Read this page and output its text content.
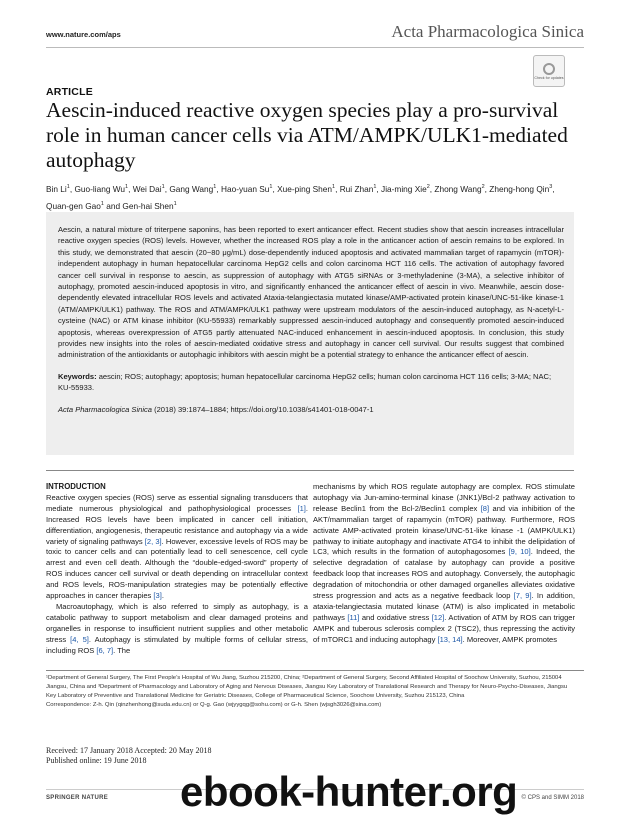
www.nature.com/aps	Acta Pharmacologica Sinica
Check for updates
ARTICLE
Aescin-induced reactive oxygen species play a pro-survival role in human cancer cells via ATM/AMPK/ULK1-mediated autophagy
Bin Li$^1$, Guo-liang Wu$^1$, Wei Dai$^1$, Gang Wang$^1$, Hao-yuan Su$^1$, Xue-ping Shen$^1$, Rui Zhan$^1$, Jia-ming Xie$^2$, Zhong Wang$^2$, Zheng-hong Qin$^3$, Quan-gen Gao$^1$ and Gen-hai Shen$^1$
Aescin, a natural mixture of triterpene saponins, has been reported to exert anticancer effect. Recent studies show that aescin increases intracellular reactive oxygen species (ROS) levels. However, whether the increased ROS play a role in the anticancer action of aescin remains to be explored. In this study, we demonstrated that aescin (20−80 μg/mL) dose-dependently induced apoptosis and activated mammalian target of rapamycin (mTOR)-independent autophagy in human hepatocellular carcinoma HepG2 cells and colon carcinoma HCT 116 cells. The activation of autophagy favored cancer cell survival in response to aescin, as suppression of autophagy with ATG5 siRNAs or 3-methyladenine (3-MA), a selective inhibitor of autophagy, promoted aescin-induced apoptosis in vitro, and significantly enhanced the anticancer effect of aescin in vivo. Meanwhile, aescin dose-dependently elevated intracellular ROS levels and activated Ataxia-telangiectasia mutated kinase/AMP-activated protein kinase/UNC-51-like kinase-1 (ATM/AMPK/ULK1) pathway. The ROS and ATM/AMPK/ULK1 pathway were upstream modulators of the aescin-induced autophagy, as N-acetyl-L-cysteine (NAC) or ATM kinase inhibitor (KU-55933) remarkably suppressed aescin-induced autophagy and consequently promoted aescin-induced apoptosis, whereas overexpression of ATG5 partly attenuated NAC-induced enhancement in aescin-induced apoptosis. In conclusion, this study provides new insights into the roles of aescin-mediated oxidative stress and autophagy in cancer cell survival. Our results suggest that combined administration of the antioxidants or autophagic inhibitors with aescin might be a potential strategy to enhance the anticancer effect of aescin.
Keywords: aescin; ROS; autophagy; apoptosis; human hepatocellular carcinoma HepG2 cells; human colon carcinoma HCT 116 cells; 3-MA; NAC; KU-55933.
Acta Pharmacologica Sinica (2018) 39:1874–1884; https://doi.org/10.1038/s41401-018-0047-1

INTRODUCTION

Reactive oxygen species (ROS) serve as essential signaling transducers that mediate numerous physiological and pathophysiological processes [1]. Increased ROS levels have been implicated in cancer cell initiation, differentiation, angiogenesis, therapeutic resistance and autophagy via a wide variety of signaling pathways [2, 3]. However, excessive levels of ROS may be toxic to cancer cells and can potentially lead to cell senescence, cell cycle arrest and even cell death. Although the “double-edged-sword” property of ROS induces cancer cell survival or death depending on intracellular context and ROS levels, ROS-manipulation strategies may be potentially effective approaches in cancer therapies [3].

Macroautophagy, which is also referred to simply as autophagy, is a catabolic pathway to support metabolism and clear damaged proteins and organelles in response to insufficient nutrient supplies and other metabolic stress [4, 5]. Autophagy is stimulated by multiple forms of cellular stress, including ROS [6, 7]. The

mechanisms by which ROS regulate autophagy are complex. ROS stimulate autophagy via Jun-amino-terminal kinase (JNK1)/Bcl-2 pathway activation to release Beclin1 from the Bcl-2/Beclin1 complex [8] and via inhibition of the AKT/mammalian target of rapamycin (mTOR) pathway. Furthermore, ROS activate AMP-activated protein kinase/UNC-51-like kinase -1 (AMPK/ULK1) pathway to initiate autophagy and inactivate ATG4 to inhibit the delipidation of LC3, which results in the formation of autophagosomes [9, 10]. Indeed, the selective degradation of catalase by autophagy can provide a positive feedback loop that increases ROS and autophagy. Conversely, the autophagic degradation of mitochondria or other damaged organelles alleviates oxidative stress progression and acts as a negative feedback loop [7, 9]. In addition, ataxia-telangiectasia mutated kinase (ATM) is also implicated in metabolic pathways [11] and oxidative stress [12]. Activation of ATM by ROS can trigger AMPK and tuberous sclerosis complex 2 (TSC2), thus repressing the activity of mTORC1 and inducing autophagy [13, 14]. Moreover, AMPK promotes

¹Department of General Surgery, The First People’s Hospital of Wu Jiang, Suzhou 215200, China; ²Department of General Surgery, Second Affiliated Hospital of Soochow University, Suzhou, 215004 Jiangsu, China and ³Department of Pharmacology and Laboratory of Aging and Nervous Diseases, Jiangsu Key Laboratory of Translational Research and Therapy for Neuro-Psycho-Diseases, Jiangsu Key Laboratory of Preventive and Translational Medicine for Geriatric Diseases, College of Pharmaceutical Science, Soochow University, Suzhou 215123, China
Correspondence: Z-h. Qin (qinzhenhong@suda.edu.cn) or Q-g. Gao (wjyygqg@sohu.com) or G-h. Shen (wjsgh3026@sina.com)
Received: 17 January 2018 Accepted: 20 May 2018
Published online: 19 June 2018
SPRINGER NATURE	© CPS and SIMM 2018
ebook-hunter.org
